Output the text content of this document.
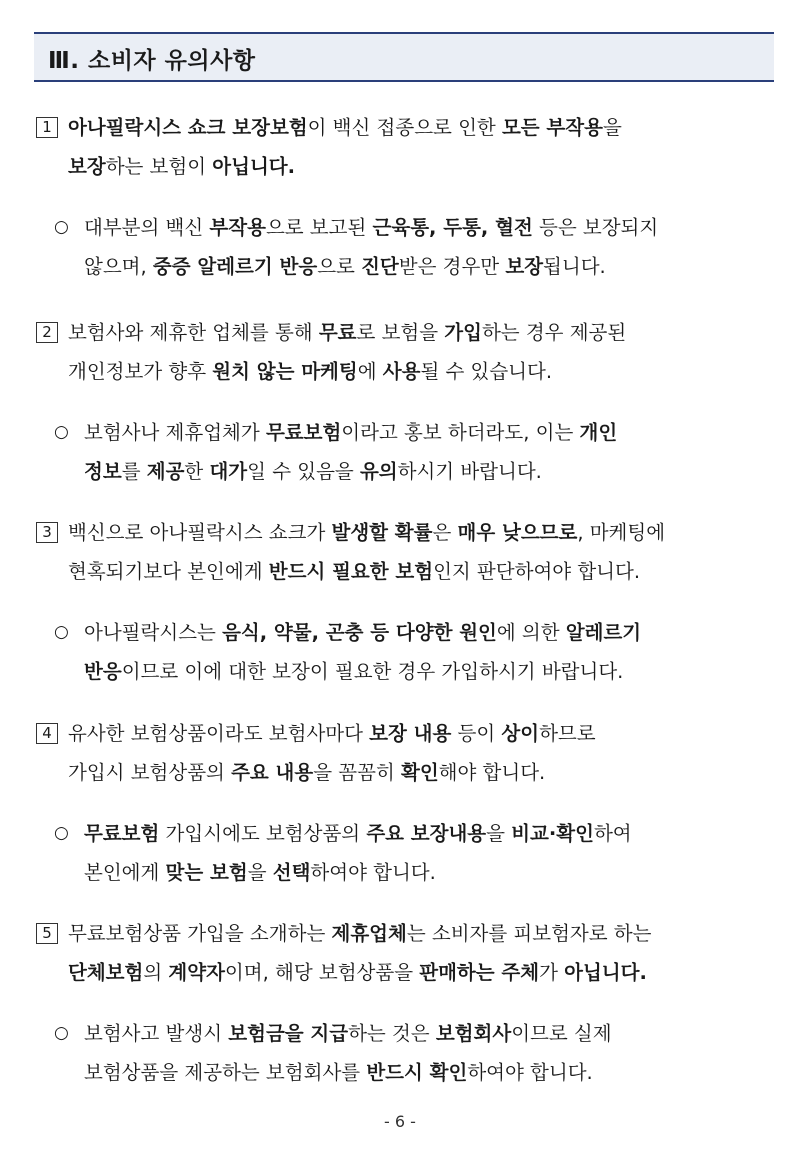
Ⅲ. 소비자 유의사항
1 아나필락시스 쇼크 보장보험이 백신 접종으로 인한 모든 부작용을
보장하는 보험이 아닙니다.
○ 대부분의 백신 부작용으로 보고된 근육통, 두통, 혈전 등은 보장되지
않으며, 중증 알레르기 반응으로 진단받은 경우만 보장됩니다.
2 보험사와 제휴한 업체를 통해 무료로 보험을 가입하는 경우 제공된
개인정보가 향후 원치 않는 마케팅에 사용될 수 있습니다.
○ 보험사나 제휴업체가 무료보험이라고 홍보 하더라도, 이는 개인
정보를 제공한 대가일 수 있음을 유의하시기 바랍니다.
3 백신으로 아나필락시스 쇼크가 발생할 확률은 매우 낮으므로, 마케팅에
현혹되기보다 본인에게 반드시 필요한 보험인지 판단하여야 합니다.
○ 아나필락시스는 음식, 약물, 곤충 등 다양한 원인에 의한 알레르기
반응이므로 이에 대한 보장이 필요한 경우 가입하시기 바랍니다.
4 유사한 보험상품이라도 보험사마다 보장 내용 등이 상이하므로
가입시 보험상품의 주요 내용을 꼼꼼히 확인해야 합니다.
○ 무료보험 가입시에도 보험상품의 주요 보장내용을 비교·확인하여
본인에게 맞는 보험을 선택하여야 합니다.
5 무료보험상품 가입을 소개하는 제휴업체는 소비자를 피보험자로 하는
단체보험의 계약자이며, 해당 보험상품을 판매하는 주체가 아닙니다.
○ 보험사고 발생시 보험금을 지급하는 것은 보험회사이므로 실제
보험상품을 제공하는 보험회사를 반드시 확인하여야 합니다.
- 6 -
